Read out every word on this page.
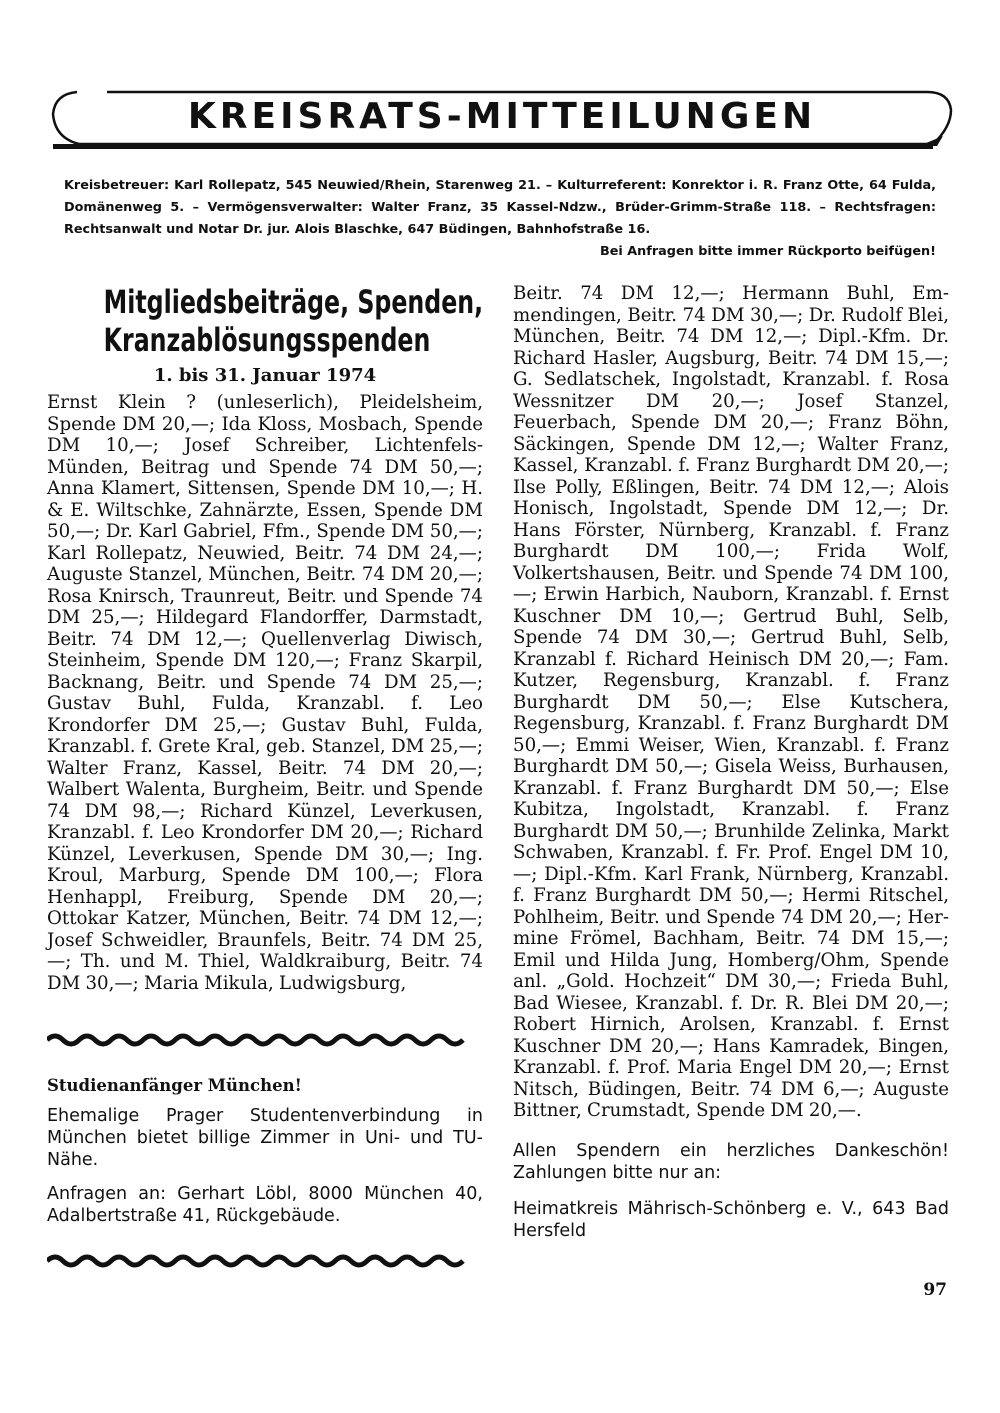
KREISRATS-MITTEILUNGEN
Kreisbetreuer: Karl Rollepatz, 545 Neuwied/Rhein, Starenweg 21. – Kulturreferent: Konrektor i. R. Franz Otte, 64 Fulda, Domänenweg 5. – Vermögensverwalter: Walter Franz, 35 Kassel-Ndzw., Brüder-Grimm-Straße 118. – Rechtsfragen: Rechtsanwalt und Notar Dr. jur. Alois Blaschke, 647 Büdingen, Bahnhofstraße 16.
Bei Anfragen bitte immer Rückporto beifügen!
Mitgliedsbeiträge, Spenden,
Kranzablösungsspenden
1. bis 31. Januar 1974

Ernst Klein ? (unleserlich), Pleidelsheim, Spende DM 20,—; Ida Kloss, Mosbach, Spende DM 10,—; Josef Schreiber, Lichtenfels-Münden, Beitrag und Spende 74 DM 50,—; Anna Klamert, Sittensen, Spende DM 10,—; H. & E. Wiltschke, Zahnärzte, Essen, Spende DM 50,—; Dr. Karl Gabriel, Ffm., Spende DM 50,—; Karl Rollepatz, Neuwied, Beitr. 74 DM 24,—; Auguste Stanzel, München, Beitr. 74 DM 20,—; Rosa Knirsch, Traunreut, Beitr. und Spende 74 DM 25,—; Hildegard Flandorffer, Darmstadt, Beitr. 74 DM 12,—; Quellenverlag Diwisch, Steinheim, Spende DM 120,—; Franz Skarpil, Backnang, Beitr. und Spende 74 DM 25,—; Gustav Buhl, Fulda, Kranzabl. f. Leo Krondorfer DM 25,—; Gustav Buhl, Fulda, Kranzabl. f. Grete Kral, geb. Stanzel, DM 25,—; Walter Franz, Kassel, Beitr. 74 DM 20,—; Walbert Walenta, Burgheim, Beitr. und Spende 74 DM 98,—; Richard Künzel, Leverkusen, Kranzabl. f. Leo Krondorfer DM 20,—; Richard Künzel, Leverkusen, Spende DM 30,—; Ing. Kroul, Marburg, Spende DM 100,—; Flora Henhappl, Freiburg, Spende DM 20,—; Ottokar Katzer, München, Beitr. 74 DM 12,—; Josef Schweidler, Braunfels, Beitr. 74 DM 25,—; Th. und M. Thiel, Waldkraiburg, Beitr. 74 DM 30,—; Maria Mikula, Ludwigsburg,

Studienanfänger München!

Ehemalige Prager Studentenverbindung in München bietet billige Zimmer in Uni- und TU-Nähe.

Anfragen an: Gerhart Löbl, 8000 München 40, Adalbertstraße 41, Rückgebäude.

Beitr. 74 DM 12,—; Hermann Buhl, Emmendingen, Beitr. 74 DM 30,—; Dr. Rudolf Blei, München, Beitr. 74 DM 12,—; Dipl.-Kfm. Dr. Richard Hasler, Augsburg, Beitr. 74 DM 15,—; G. Sedlatschek, Ingolstadt, Kranzabl. f. Rosa Wessnitzer DM 20,—; Josef Stanzel, Feuerbach, Spende DM 20,—; Franz Böhn, Säckingen, Spende DM 12,—; Walter Franz, Kassel, Kranzabl. f. Franz Burghardt DM 20,—; Ilse Polly, Eßlingen, Beitr. 74 DM 12,—; Alois Honisch, Ingolstadt, Spende DM 12,—; Dr. Hans Förster, Nürnberg, Kranzabl. f. Franz Burghardt DM 100,—; Frida Wolf, Volkertshausen, Beitr. und Spende 74 DM 100,—; Erwin Harbich, Nauborn, Kranzabl. f. Ernst Kuschner DM 10,—; Gertrud Buhl, Selb, Spende 74 DM 30,—; Gertrud Buhl, Selb, Kranzabl f. Richard Heinisch DM 20,—; Fam. Kutzer, Regensburg, Kranzabl. f. Franz Burghardt DM 50,—; Else Kutschera, Regensburg, Kranzabl. f. Franz Burghardt DM 50,—; Emmi Weiser, Wien, Kranzabl. f. Franz Burghardt DM 50,—; Gisela Weiss, Burhausen, Kranzabl. f. Franz Burghardt DM 50,—; Else Kubitza, Ingolstadt, Kranzabl. f. Franz Burghardt DM 50,—; Brunhilde Zelinka, Markt Schwaben, Kranzabl. f. Fr. Prof. Engel DM 10,—; Dipl.-Kfm. Karl Frank, Nürnberg, Kranzabl. f. Franz Burghardt DM 50,—; Hermi Ritschel, Pohlheim, Beitr. und Spende 74 DM 20,—; Hermine Frömel, Bachham, Beitr. 74 DM 15,—; Emil und Hilda Jung, Homberg/Ohm, Spende anl. „Gold. Hochzeit“ DM 30,—; Frieda Buhl, Bad Wiesee, Kranzabl. f. Dr. R. Blei DM 20,—; Robert Hirnich, Arolsen, Kranzabl. f. Ernst Kuschner DM 20,—; Hans Kamradek, Bingen, Kranzabl. f. Prof. Maria Engel DM 20,—; Ernst Nitsch, Büdingen, Beitr. 74 DM 6,—; Auguste Bittner, Crumstadt, Spende DM 20,—.

Allen Spendern ein herzliches Dankeschön! Zahlungen bitte nur an:

Heimatkreis Mährisch-Schönberg e. V., 643 Bad Hersfeld

97
